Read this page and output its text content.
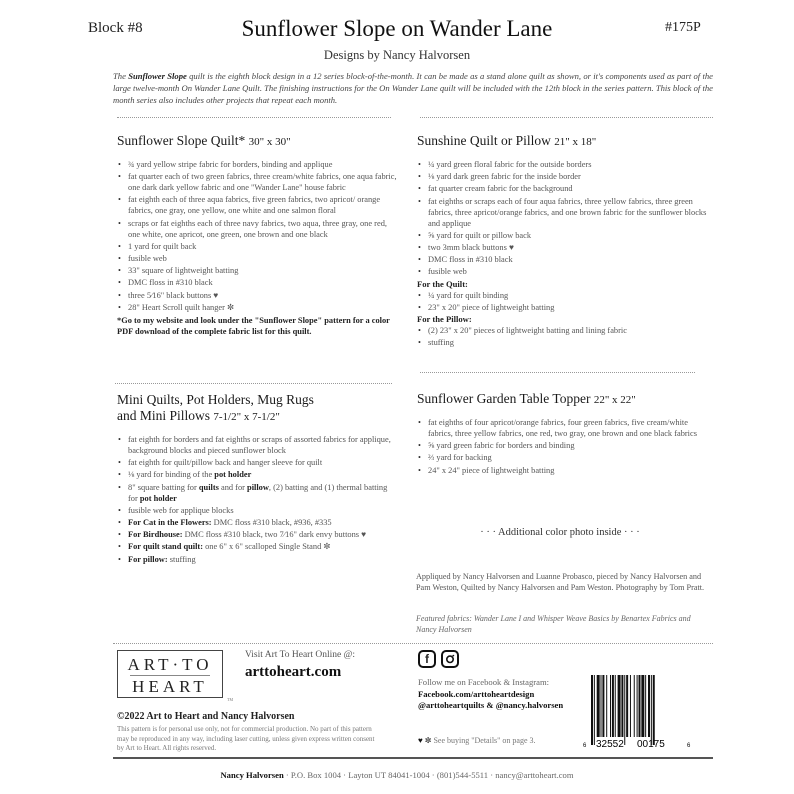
Block #8	Sunflower Slope on Wander Lane	#175P
Designs by Nancy Halvorsen

The Sunflower Slope quilt is the eighth block design in a 12 series block-of-the-month. It can be made as a stand alone quilt as shown, or it's components used as part of the large twelve-month On Wander Lane Quilt. The finishing instructions for the On Wander Lane quilt will be included with the 12th block in the series pattern. This block of the month series also includes other projects that repeat each month.

Sunflower Slope Quilt* 30" x 30"
• ¾ yard yellow stripe fabric for borders, binding and applique
• fat quarter each of two green fabrics, three cream/white fabrics, one aqua fabric, one dark dark yellow fabric and one "Wander Lane" house fabric
• fat eighth each of three aqua fabrics, five green fabrics, two apricot/ orange fabrics, one gray, one yellow, one white and one salmon floral
• scraps or fat eighths each of three navy fabrics, two aqua, three gray, one red, one white, one apricot, one green, one brown and one black
• 1 yard for quilt back
• fusible web
• 33" square of lightweight batting
• DMC floss in #310 black
• three 5⁄16" black buttons ♥
• 28" Heart Scroll quilt hanger ✼
*Go to my website and look under the "Sunflower Slope" pattern for a color PDF download of the complete fabric list for this quilt.
Sunshine Quilt or Pillow 21" x 18"
• ¼ yard green floral fabric for the outside borders
• ⅛ yard dark green fabric for the inside border
• fat quarter cream fabric for the background
• fat eighths or scraps each of four aqua fabrics, three yellow fabrics, three green fabrics, three apricot/orange fabrics, and one brown fabric for the sunflower blocks and applique
• ⅝ yard for quilt or pillow back
• two 3mm black buttons ♥
• DMC floss in #310 black
• fusible web
For the Quilt:
• ¼ yard for quilt binding
• 23" x 20" piece of lightweight batting
For the Pillow:
• (2) 23" x 20" pieces of lightweight batting and lining fabric
• stuffing
Mini Quilts, Pot Holders, Mug Rugs
and Mini Pillows 7-1/2" x 7-1/2"
• fat eighth for borders and fat eighths or scraps of assorted fabrics for applique, background blocks and pieced sunflower block
• fat eighth for quilt/pillow back and hanger sleeve for quilt
• ⅛ yard for binding of the pot holder
• 8" square batting for quilts and for pillow, (2) batting and (1) thermal batting for pot holder
• fusible web for applique blocks
• For Cat in the Flowers: DMC floss #310 black, #936, #335
• For Birdhouse: DMC floss #310 black, two 7⁄16" dark envy buttons ♥
• For quilt stand quilt: one 6" x 6" scalloped Single Stand ✼
• For pillow: stuffing
Sunflower Garden Table Topper 22" x 22"
• fat eighths of four apricot/orange fabrics, four green fabrics, five cream/white fabrics, three yellow fabrics, one red, two gray, one brown and one black fabrics
• ⅝ yard green fabric for borders and binding
• ⅔ yard for backing
• 24" x 24" piece of lightweight batting
· · · Additional color photo inside · · ·

Appliqued by Nancy Halvorsen and Luanne Probasco, pieced by Nancy Halvorsen and Pam Weston, Quilted by Nancy Halvorsen and Pam Weston. Photography by Tom Pratt.

Featured fabrics: Wander Lane I and Whisper Weave Basics by Benartex Fabrics and Nancy Halvorsen

ART·TO
HEART
TM
Visit Art To Heart Online @:
arttoheart.com
©2022 Art to Heart and Nancy Halvorsen

This pattern is for personal use only, not for commercial production. No part of this pattern may be reproduced in any way, including laser cutting, unless given express written consent by Art to Heart. All rights reserved.

f
Follow me on Facebook & Instagram:
Facebook.com/arttoheartdesign
@arttoheartquilts & @nancy.halvorsen
♥ ✼ See buying "Details" on page 3.
6 32552 00175	6
Nancy Halvorsen · P.O. Box 1004 · Layton UT 84041-1004 · (801)544-5511 · nancy@arttoheart.com
